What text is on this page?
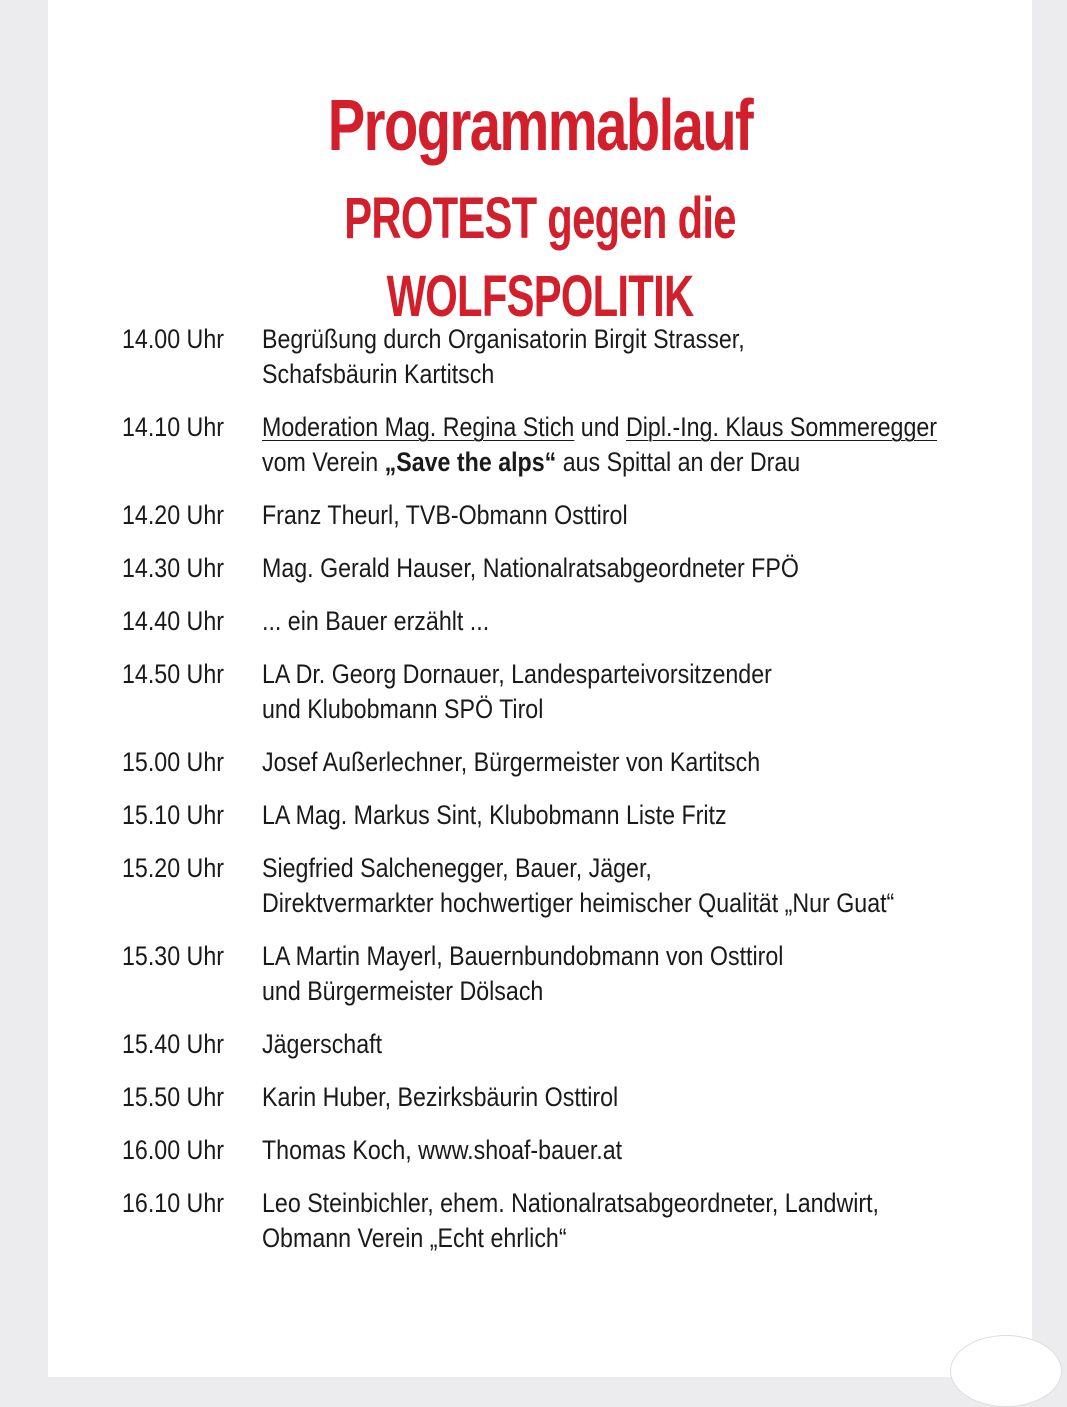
Programmablauf
PROTEST gegen die WOLFSPOLITIK
14.00 Uhr Begrüßung durch Organisatorin Birgit Strasser,
Schafsbäurin Kartitsch
14.10 Uhr Moderation Mag. Regina Stich und Dipl.-Ing. Klaus Sommeregger
vom Verein „Save the alps“ aus Spittal an der Drau
14.20 Uhr Franz Theurl, TVB-Obmann Osttirol
14.30 Uhr Mag. Gerald Hauser, Nationalratsabgeordneter FPÖ
14.40 Uhr ... ein Bauer erzählt ...
14.50 Uhr LA Dr. Georg Dornauer, Landesparteivorsitzender
und Klubobmann SPÖ Tirol
15.00 Uhr Josef Außerlechner, Bürgermeister von Kartitsch
15.10 Uhr LA Mag. Markus Sint, Klubobmann Liste Fritz
15.20 Uhr Siegfried Salchenegger, Bauer, Jäger,
Direktvermarkter hochwertiger heimischer Qualität „Nur Guat“
15.30 Uhr LA Martin Mayerl, Bauernbundobmann von Osttirol
und Bürgermeister Dölsach
15.40 Uhr Jägerschaft
15.50 Uhr Karin Huber, Bezirksbäurin Osttirol
16.00 Uhr Thomas Koch, www.shoaf-bauer.at
16.10 Uhr Leo Steinbichler, ehem. Nationalratsabgeordneter, Landwirt,
Obmann Verein „Echt ehrlich“
